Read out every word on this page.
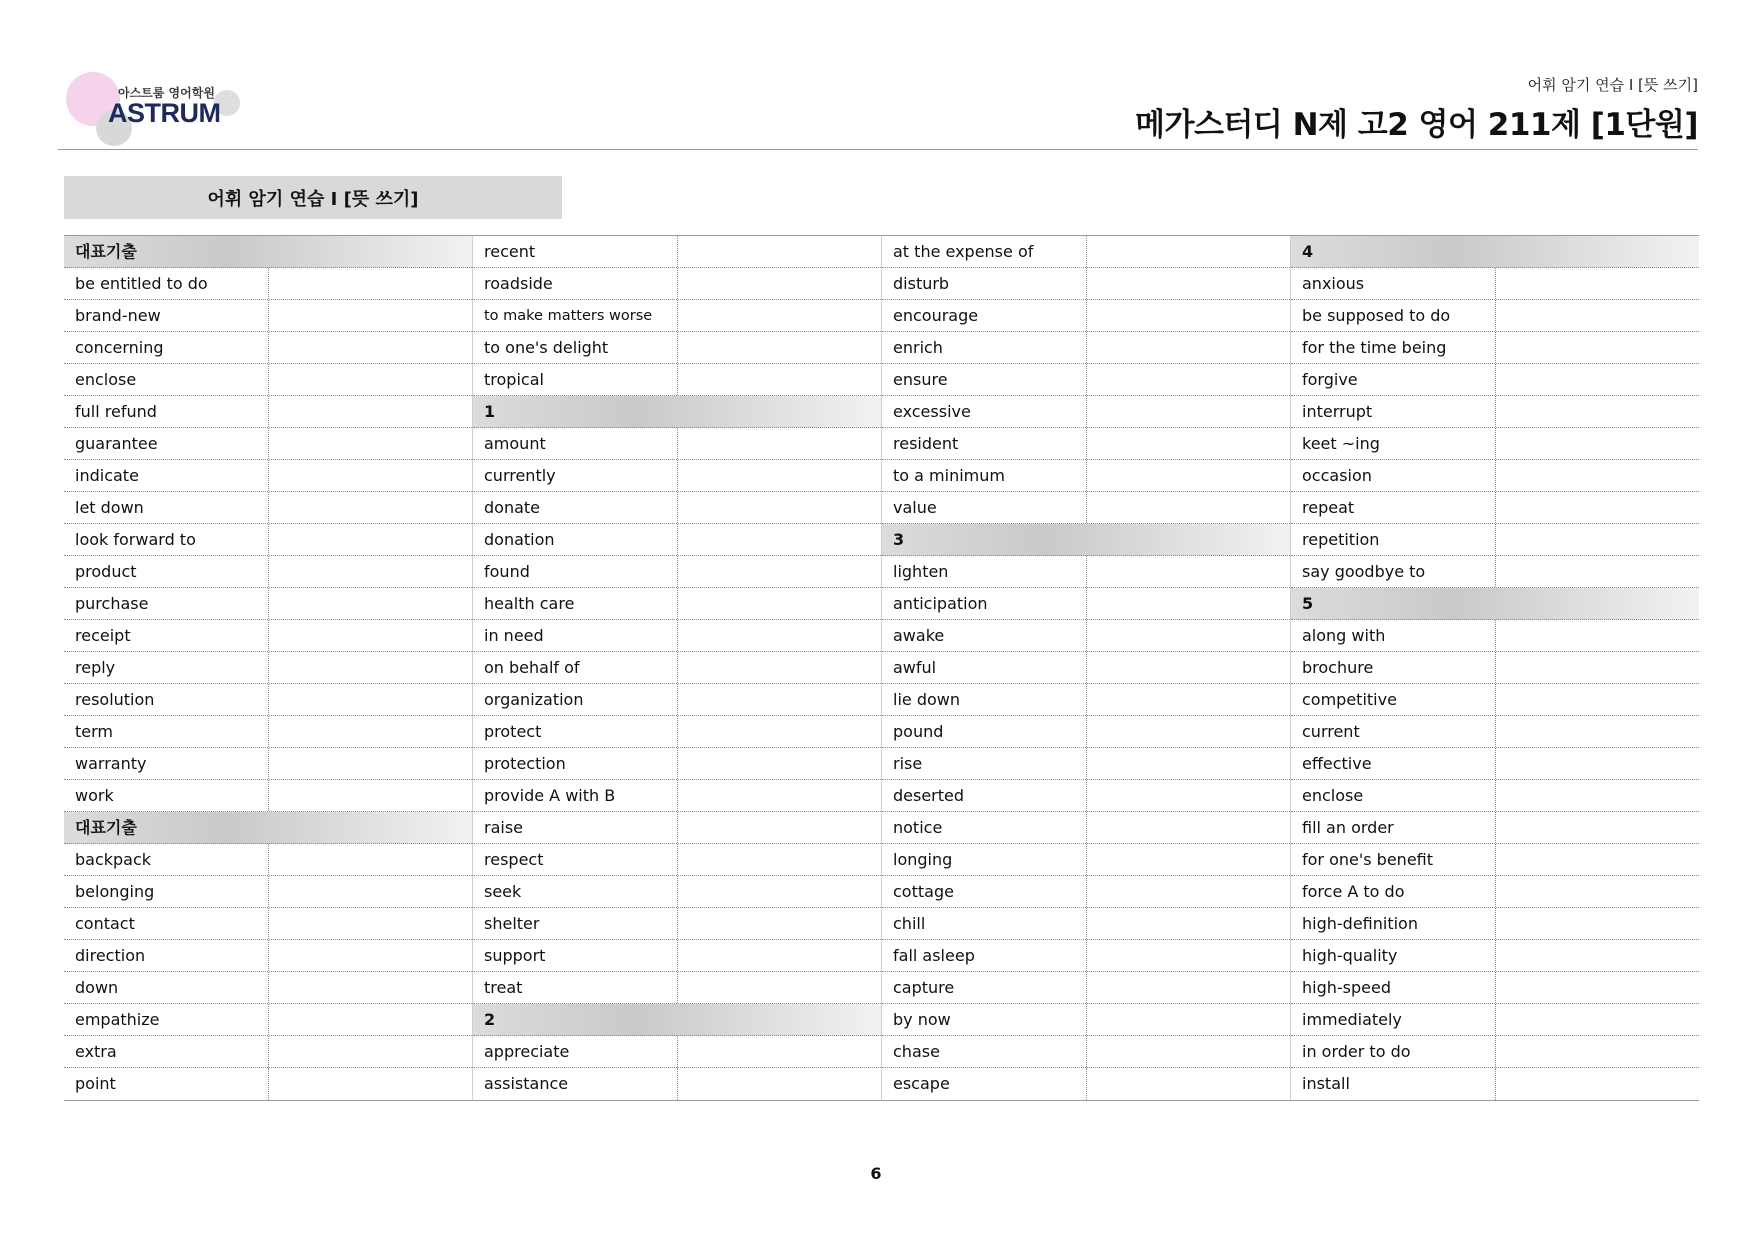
아스트룸 영어학원
ASTRUM
어휘 암기 연습 I [뜻 쓰기]
메가스터디 N제 고2 영어 211제 [1단원]
어휘 암기 연습 I [뜻 쓰기]
대표기출
be entitled to do
brand-new
concerning
enclose
full refund
guarantee
indicate
let down
look forward to
product
purchase
receipt
reply
resolution
term
warranty
work
대표기출
backpack
belonging
contact
direction
down
empathize
extra
point
recent
roadside
to make matters worse
to one's delight
tropical
1
amount
currently
donate
donation
found
health care
in need
on behalf of
organization
protect
protection
provide A with B
raise
respect
seek
shelter
support
treat
2
appreciate
assistance
at the expense of
disturb
encourage
enrich
ensure
excessive
resident
to a minimum
value
3
lighten
anticipation
awake
awful
lie down
pound
rise
deserted
notice
longing
cottage
chill
fall asleep
capture
by now
chase
escape
4
anxious
be supposed to do
for the time being
forgive
interrupt
keet ~ing
occasion
repeat
repetition
say goodbye to
5
along with
brochure
competitive
current
effective
enclose
fill an order
for one's benefit
force A to do
high-definition
high-quality
high-speed
immediately
in order to do
install
6
